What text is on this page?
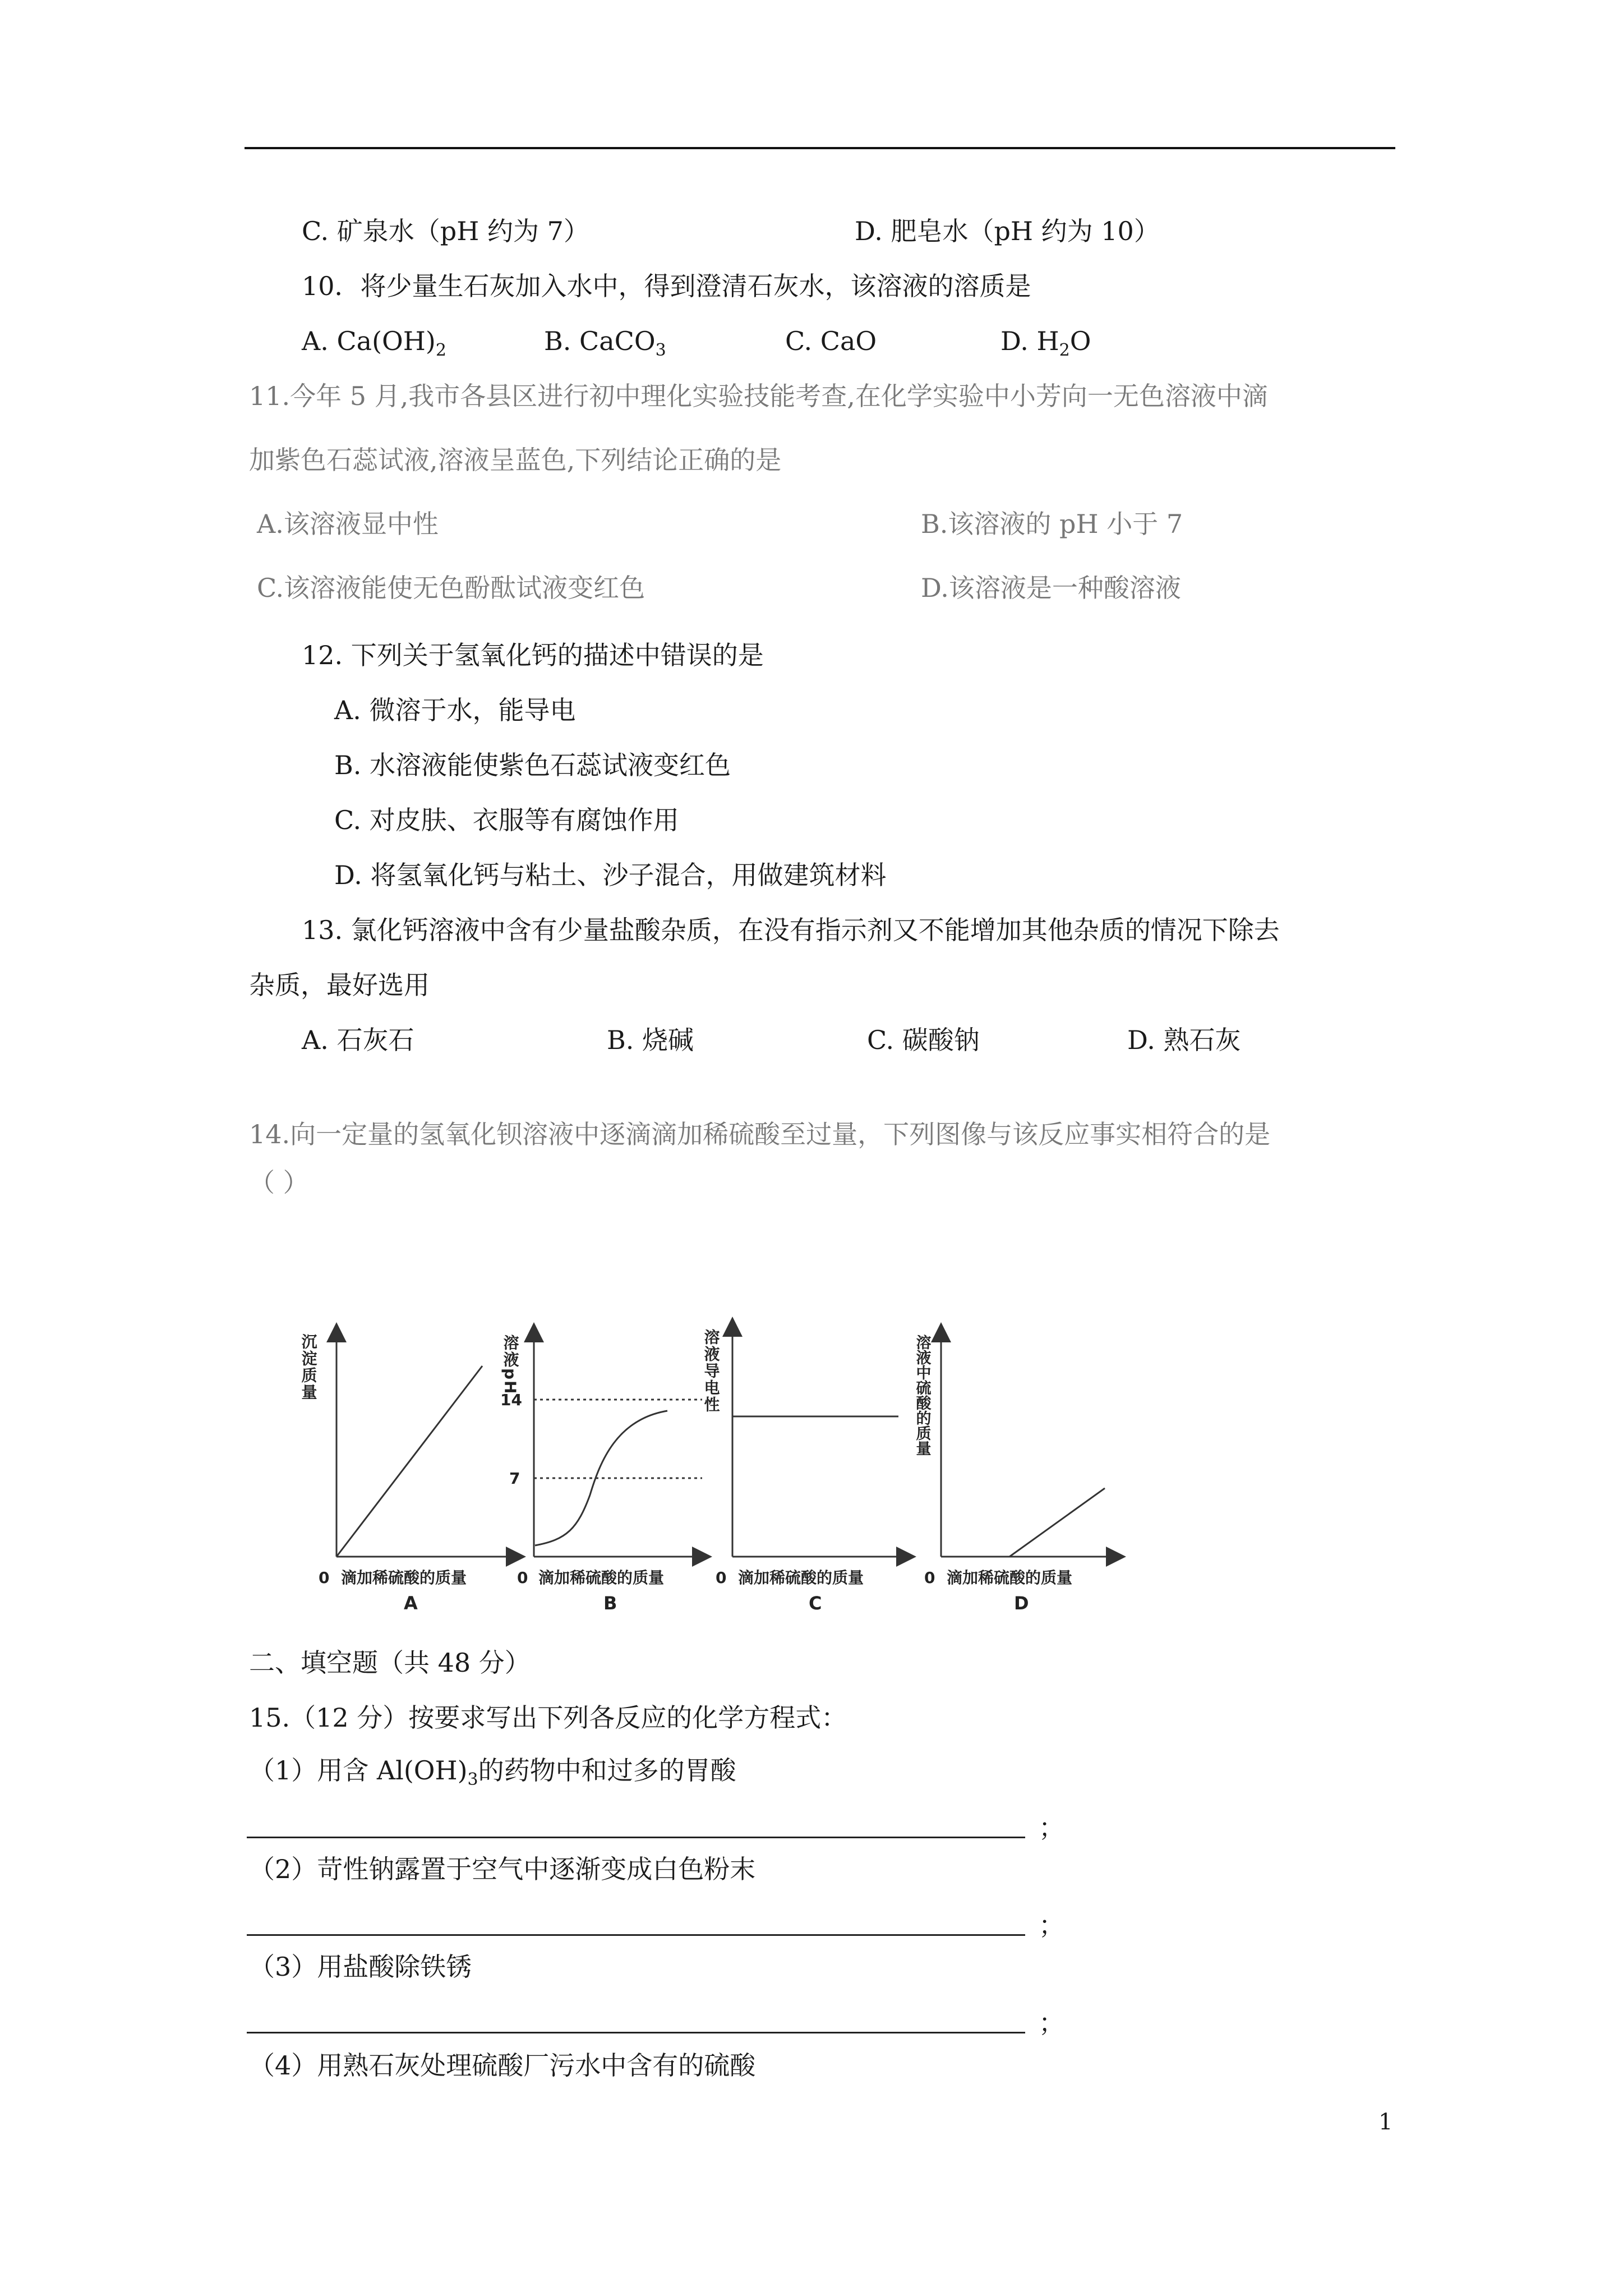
C. 矿泉水（pH 约为 7）	D. 肥皂水（pH 约为 10）
10．将少量生石灰加入水中，得到澄清石灰水，该溶液的溶质是
A. $Ca(OH)_2$	B. CaCO$_3$	C. CaO	D. $H_2O$
11.今年 5 月,我市各县区进行初中理化实验技能考查,在化学实验中小芳向一无色溶液中滴
加紫色石蕊试液,溶液呈蓝色,下列结论正确的是
A.该溶液显中性	B.该溶液的 pH 小于 7
C.该溶液能使无色酚酞试液变红色	D.该溶液是一种酸溶液
12. 下列关于氢氧化钙的描述中错误的是
A. 微溶于水，能导电
B. 水溶液能使紫色石蕊试液变红色
C. 对皮肤、衣服等有腐蚀作用
D. 将氢氧化钙与粘土、沙子混合，用做建筑材料
13. 氯化钙溶液中含有少量盐酸杂质，在没有指示剂又不能增加其他杂质的情况下除去
杂质，最好选用
A. 石灰石	B. 烧碱	C. 碳酸钠	D. 熟石灰
14.向一定量的氢氧化钡溶液中逐滴滴加稀硫酸至过量，下列图像与该反应事实相符合的是
（ ）
沉淀质量
0 滴加稀硫酸的质量
A
溶液pH
14
7
0 滴加稀硫酸的质量
B
溶液导电性
0 滴加稀硫酸的质量
C
溶液中硫酸的质量
0 滴加稀硫酸的质量
D
二、填空题（共 48 分）
15.（12 分）按要求写出下列各反应的化学方程式：
（1）用含 $Al(OH)_3$的药物中和过多的胃酸
；
（2）苛性钠露置于空气中逐渐变成白色粉末
；
（3）用盐酸除铁锈
；
（4）用熟石灰处理硫酸厂污水中含有的硫酸
1
